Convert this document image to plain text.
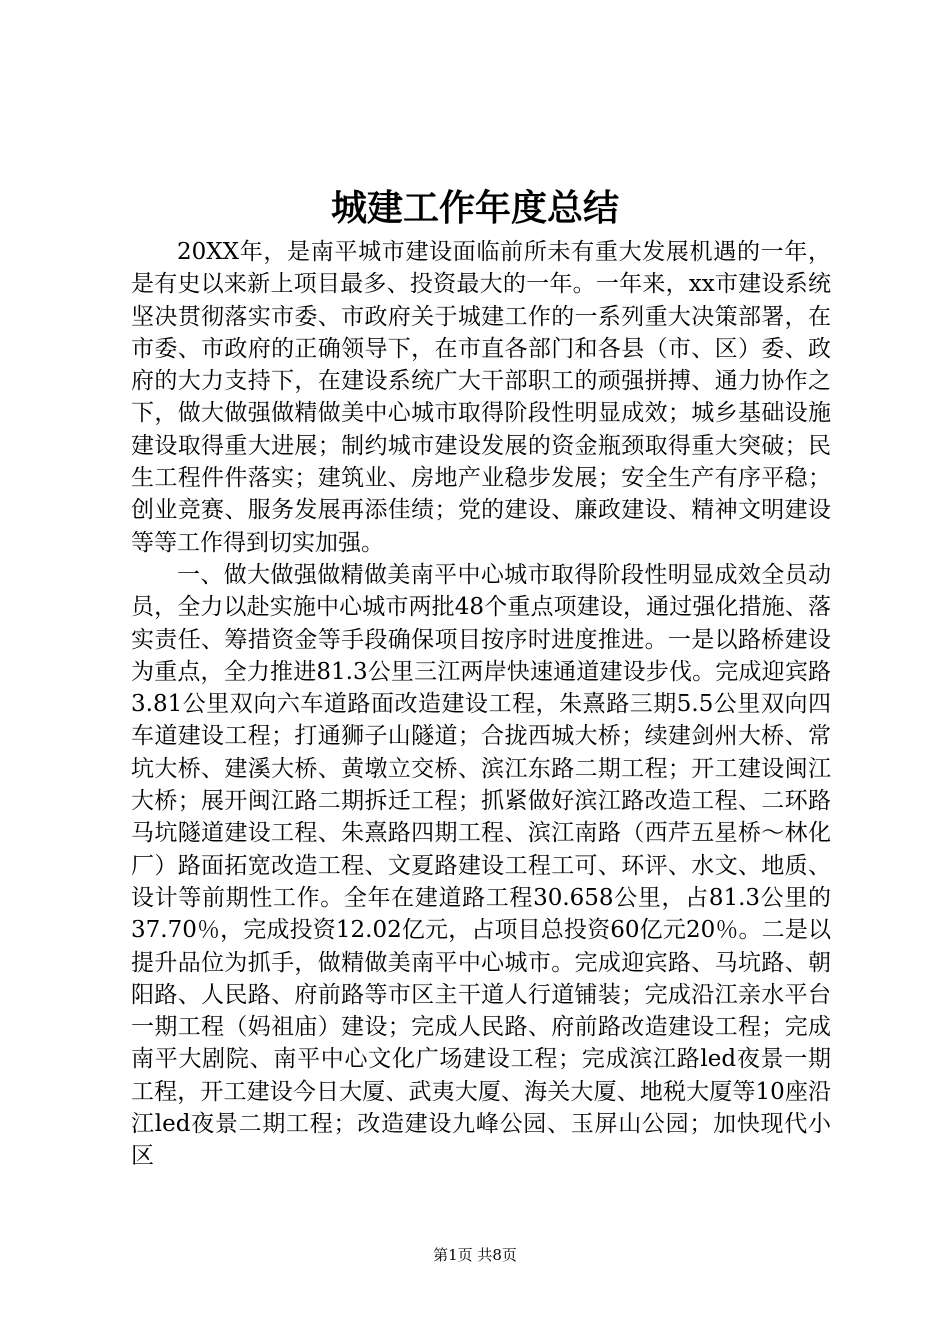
城建工作年度总结

20XX年，是南平城市建设面临前所未有重大发展机遇的一年，是有史以来新上项目最多、投资最大的一年。一年来，xx市建设系统坚决贯彻落实市委、市政府关于城建工作的一系列重大决策部署，在市委、市政府的正确领导下，在市直各部门和各县（市、区）委、政府的大力支持下，在建设系统广大干部职工的顽强拼搏、通力协作之下，做大做强做精做美中心城市取得阶段性明显成效；城乡基础设施建设取得重大进展；制约城市建设发展的资金瓶颈取得重大突破；民生工程件件落实；建筑业、房地产业稳步发展；安全生产有序平稳；创业竞赛、服务发展再添佳绩；党的建设、廉政建设、精神文明建设等等工作得到切实加强。

一、做大做强做精做美南平中心城市取得阶段性明显成效全员动员，全力以赴实施中心城市两批48个重点项建设，通过强化措施、落实责任、筹措资金等手段确保项目按序时进度推进。一是以路桥建设为重点，全力推进81.3公里三江两岸快速通道建设步伐。完成迎宾路3.81公里双向六车道路面改造建设工程，朱熹路三期5.5公里双向四车道建设工程；打通狮子山隧道；合拢西城大桥；续建剑州大桥、常坑大桥、建溪大桥、黄墩立交桥、滨江东路二期工程；开工建设闽江大桥；展开闽江路二期拆迁工程；抓紧做好滨江路改造工程、二环路马坑隧道建设工程、朱熹路四期工程、滨江南路（西芹五星桥～林化厂）路面拓宽改造工程、文夏路建设工程工可、环评、水文、地质、设计等前期性工作。全年在建道路工程30.658公里，占81.3公里的37.70％，完成投资12.02亿元，占项目总投资60亿元20％。二是以提升品位为抓手，做精做美南平中心城市。完成迎宾路、马坑路、朝阳路、人民路、府前路等市区主干道人行道铺装；完成沿江亲水平台一期工程（妈祖庙）建设；完成人民路、府前路改造建设工程；完成南平大剧院、南平中心文化广场建设工程；完成滨江路led夜景一期工程，开工建设今日大厦、武夷大厦、海关大厦、地税大厦等10座沿江led夜景二期工程；改造建设九峰公园、玉屏山公园；加快现代小区

第1页 共8页
